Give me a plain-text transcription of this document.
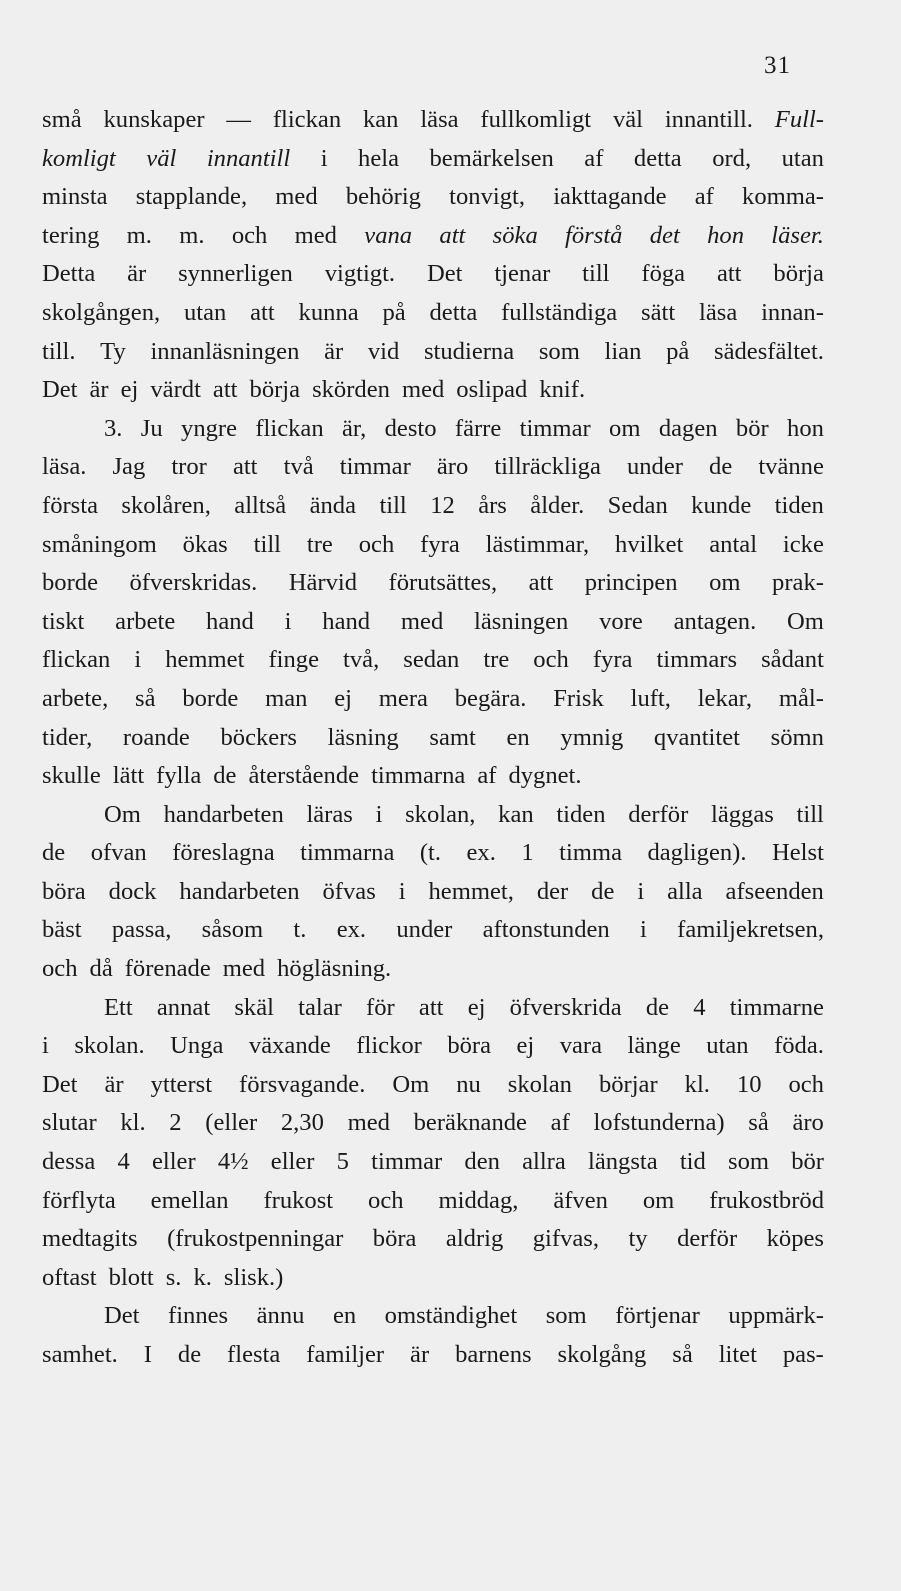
31
små kunskaper — flickan kan läsa fullkomligt väl innantill. Full-
komligt väl innantill i hela bemärkelsen af detta ord, utan
minsta stapplande, med behörig tonvigt, iakttagande af komma-
tering m. m. och med vana att söka förstå det hon läser.
Detta är synnerligen vigtigt. Det tjenar till föga att börja
skolgången, utan att kunna på detta fullständiga sätt läsa innan-
till. Ty innanläsningen är vid studierna som lian på sädesfältet.
Det är ej värdt att börja skörden med oslipad knif.
3. Ju yngre flickan är, desto färre timmar om dagen bör hon
läsa. Jag tror att två timmar äro tillräckliga under de tvänne
första skolåren, alltså ända till 12 års ålder. Sedan kunde tiden
småningom ökas till tre och fyra lästimmar, hvilket antal icke
borde öfverskridas. Härvid förutsättes, att principen om prak-
tiskt arbete hand i hand med läsningen vore antagen. Om
flickan i hemmet finge två, sedan tre och fyra timmars sådant
arbete, så borde man ej mera begära. Frisk luft, lekar, mål-
tider, roande böckers läsning samt en ymnig qvantitet sömn
skulle lätt fylla de återstående timmarna af dygnet.
Om handarbeten läras i skolan, kan tiden derför läggas till
de ofvan föreslagna timmarna (t. ex. 1 timma dagligen). Helst
böra dock handarbeten öfvas i hemmet, der de i alla afseenden
bäst passa, såsom t. ex. under aftonstunden i familjekretsen,
och då förenade med högläsning.
Ett annat skäl talar för att ej öfverskrida de 4 timmarne
i skolan. Unga växande flickor böra ej vara länge utan föda.
Det är ytterst försvagande. Om nu skolan börjar kl. 10 och
slutar kl. 2 (eller 2,30 med beräknande af lofstunderna) så äro
dessa 4 eller 4½ eller 5 timmar den allra längsta tid som bör
förflyta emellan frukost och middag, äfven om frukostbröd
medtagits (frukostpenningar böra aldrig gifvas, ty derför köpes
oftast blott s. k. slisk.)
Det finnes ännu en omständighet som förtjenar uppmärk-
samhet. I de flesta familjer är barnens skolgång så litet pas-
